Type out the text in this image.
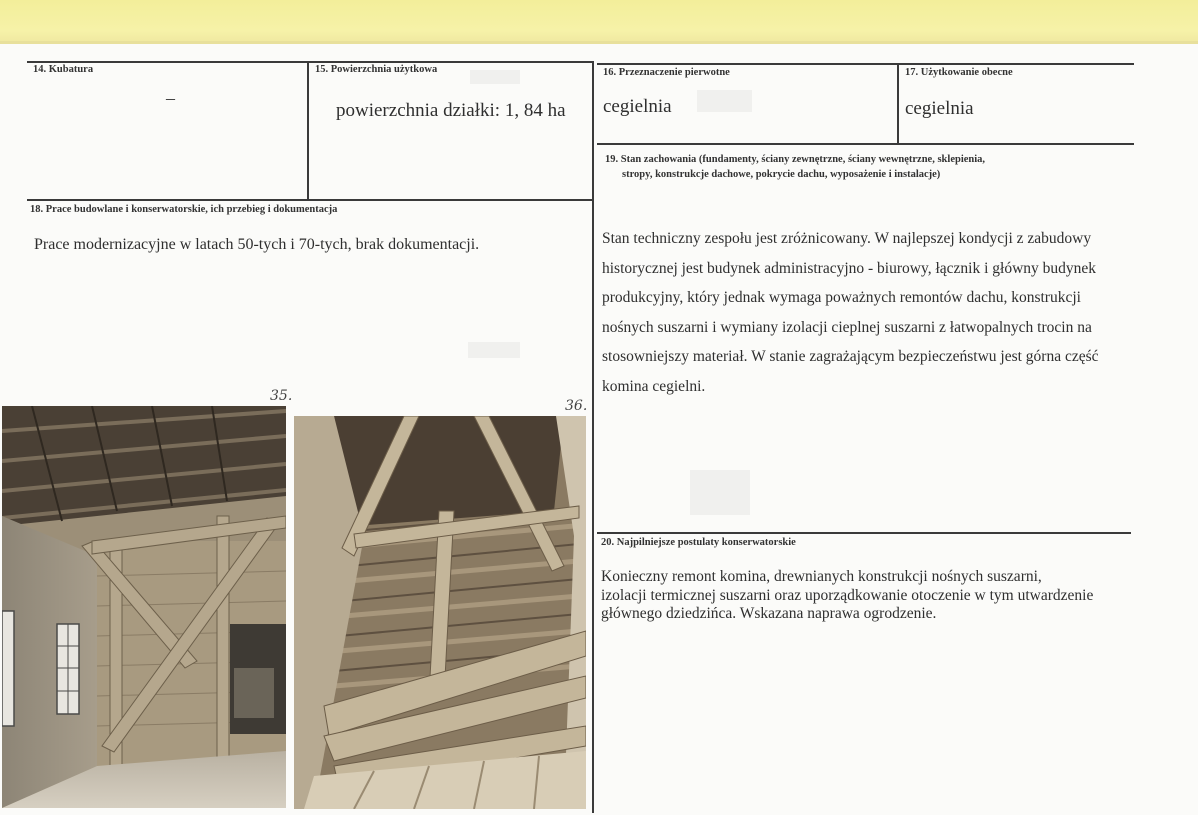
14. Kubatura
–
15. Powierzchnia użytkowa
powierzchnia działki: 1, 84 ha
18. Prace budowlane i konserwatorskie, ich przebieg i dokumentacja
Prace modernizacyjne w latach 50-tych i 70-tych, brak dokumentacji.
16. Przeznaczenie pierwotne
cegielnia
17. Użytkowanie obecne
cegielnia
19. Stan zachowania (fundamenty, ściany zewnętrzne, ściany wewnętrzne, sklepienia,
stropy, konstrukcje dachowe, pokrycie dachu, wyposażenie i instalacje)
Stan techniczny zespołu jest zróżnicowany. W najlepszej kondycji z zabudowy
historycznej jest budynek administracyjno - biurowy, łącznik i główny budynek
produkcyjny, który jednak wymaga poważnych remontów dachu, konstrukcji
nośnych suszarni i wymiany izolacji cieplnej suszarni z łatwopalnych trocin na
stosowniejszy materiał. W stanie zagrażającym bezpieczeństwu jest górna część
komina cegielni.
20. Najpilniejsze postulaty konserwatorskie
Konieczny remont komina, drewnianych konstrukcji nośnych suszarni,
izolacji termicznej suszarni oraz uporządkowanie otoczenie w tym utwardzenie
głównego dziedzińca. Wskazana naprawa ogrodzenie.
35.
36.
